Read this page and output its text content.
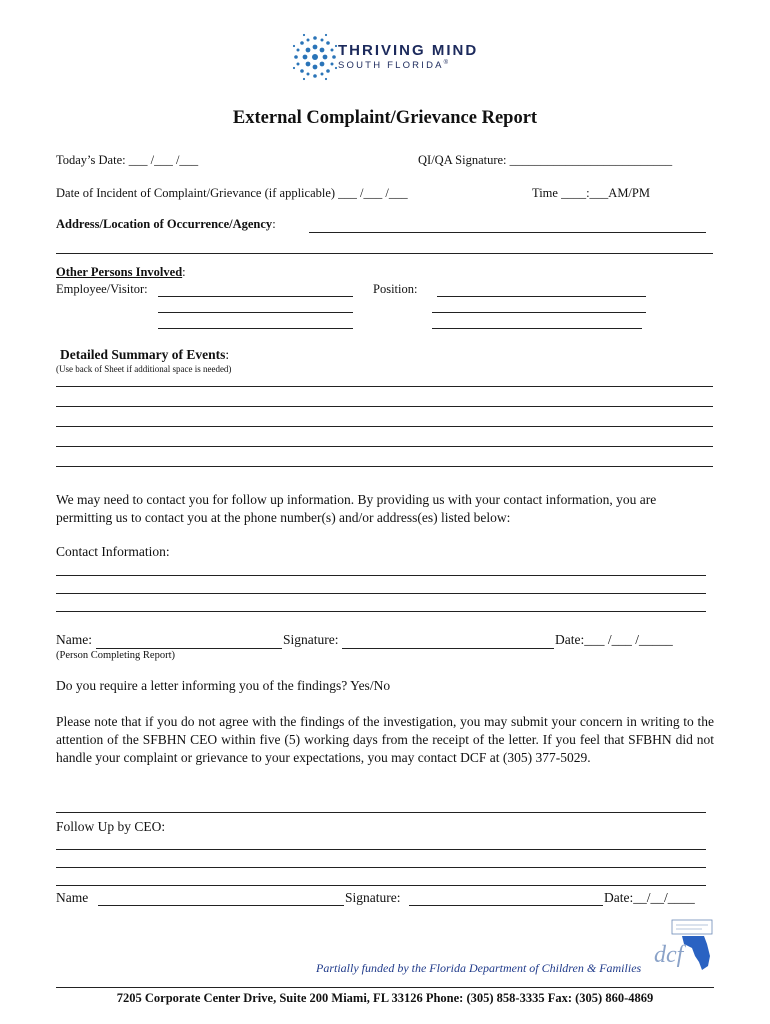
THRIVING MIND
SOUTH FLORIDA®
External Complaint/Grievance Report
Today’s Date: ___ /___ /___	QI/QA Signature: __________________________
Date of Incident of Complaint/Grievance (if applicable) ___ /___ /___	Time ____:___AM/PM
Address/Location of Occurrence/Agency:
Other Persons Involved:
Employee/Visitor:	Position:
Detailed Summary of Events:
(Use back of Sheet if additional space is needed)
We may need to contact you for follow up information. By providing us with your contact information, you are permitting us to contact you at the phone number(s) and/or address(es) listed below:
Contact Information:
Name:	Signature:	Date:___ /___ /_____
(Person Completing Report)
Do you require a letter informing you of the findings? Yes/No
Please note that if you do not agree with the findings of the investigation, you may submit your concern in writing to the attention of the SFBHN CEO within five (5) working days from the receipt of the letter. If you feel that SFBHN did not handle your complaint or grievance to your expectations, you may contact DCF at (305) 377-5029.
Follow Up by CEO:
Name	Signature:	Date:__/__/____
dcf
Partially funded by the Florida Department of Children & Families
7205 Corporate Center Drive, Suite 200 Miami, FL 33126 Phone: (305) 858-3335 Fax: (305) 860-4869
